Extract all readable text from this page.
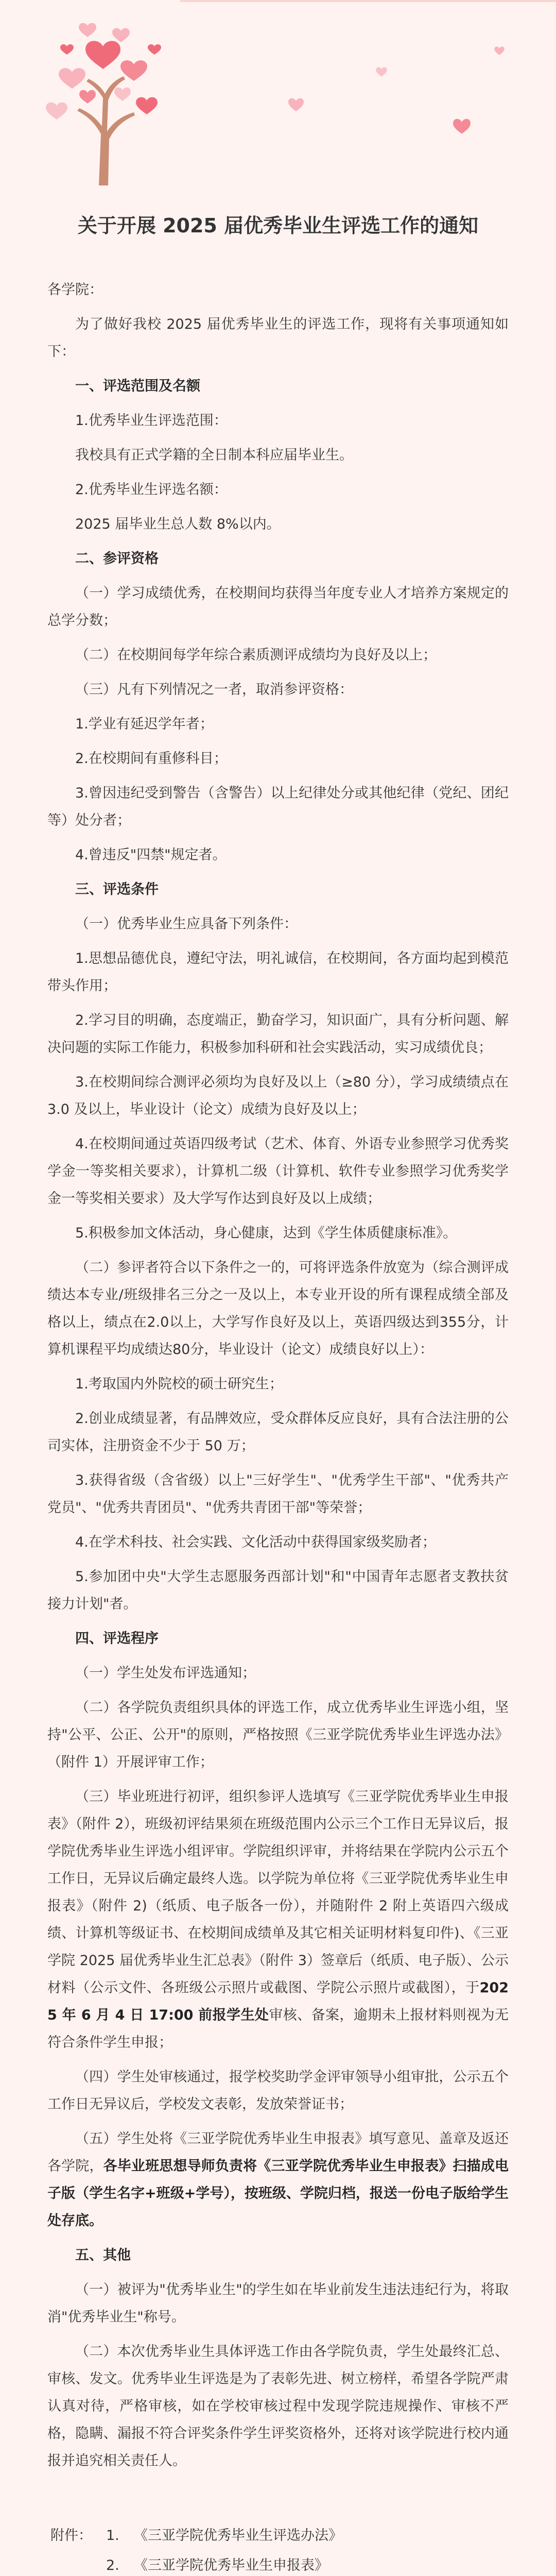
关于开展 2025 届优秀毕业生评选工作的通知

各学院：

为了做好我校 2025 届优秀毕业生的评选工作，现将有关事项通知如下：

一、评选范围及名额

1.优秀毕业生评选范围：

我校具有正式学籍的全日制本科应届毕业生。

2.优秀毕业生评选名额：

2025 届毕业生总人数 8%以内。

二、参评资格

（一）学习成绩优秀，在校期间均获得当年度专业人才培养方案规定的总学分数；

（二）在校期间每学年综合素质测评成绩均为良好及以上；

（三）凡有下列情况之一者，取消参评资格：

1.学业有延迟学年者；

2.在校期间有重修科目；

3.曾因违纪受到警告（含警告）以上纪律处分或其他纪律（党纪、团纪等）处分者；

4.曾违反"四禁"规定者。

三、评选条件

（一）优秀毕业生应具备下列条件：

1.思想品德优良，遵纪守法，明礼诚信，在校期间，各方面均起到模范带头作用；

2.学习目的明确，态度端正，勤奋学习，知识面广，具有分析问题、解决问题的实际工作能力，积极参加科研和社会实践活动，实习成绩优良；

3.在校期间综合测评必须均为良好及以上（≥80 分），学习成绩绩点在 3.0 及以上，毕业设计（论文）成绩为良好及以上；

4.在校期间通过英语四级考试（艺术、体育、外语专业参照学习优秀奖学金一等奖相关要求），计算机二级（计算机、软件专业参照学习优秀奖学金一等奖相关要求）及大学写作达到良好及以上成绩；

5.积极参加文体活动，身心健康，达到《学生体质健康标准》。

（二）参评者符合以下条件之一的，可将评选条件放宽为（综合测评成绩达本专业/班级排名三分之一及以上，本专业开设的所有课程成绩全部及格以上，绩点在2.0以上，大学写作良好及以上，英语四级达到355分，计算机课程平均成绩达80分，毕业设计（论文）成绩良好以上）：

1.考取国内外院校的硕士研究生；

2.创业成绩显著，有品牌效应，受众群体反应良好，具有合法注册的公司实体，注册资金不少于 50 万；

3.获得省级（含省级）以上"三好学生"、"优秀学生干部"、"优秀共产党员"、"优秀共青团员"、"优秀共青团干部"等荣誉；

4.在学术科技、社会实践、文化活动中获得国家级奖励者；

5.参加团中央"大学生志愿服务西部计划"和"中国青年志愿者支教扶贫接力计划"者。

四、评选程序

（一）学生处发布评选通知；

（二）各学院负责组织具体的评选工作，成立优秀毕业生评选小组，坚持"公平、公正、公开"的原则，严格按照《三亚学院优秀毕业生评选办法》（附件 1）开展评审工作；

（三）毕业班进行初评，组织参评人选填写《三亚学院优秀毕业生申报表》（附件 2），班级初评结果须在班级范围内公示三个工作日无异议后，报学院优秀毕业生评选小组评审。学院组织评审，并将结果在学院内公示五个工作日，无异议后确定最终人选。以学院为单位将《三亚学院优秀毕业生申报表》（附件 2)（纸质、电子版各一份），并随附件 2 附上英语四六级成绩、计算机等级证书、在校期间成绩单及其它相关证明材料复印件)、《三亚学院 2025 届优秀毕业生汇总表》（附件 3）签章后（纸质、电子版）、公示材料（公示文件、各班级公示照片或截图、学院公示照片或截图），于2025 年 6 月 4 日 17:00 前报学生处审核、备案，逾期未上报材料则视为无符合条件学生申报；

（四）学生处审核通过，报学校奖助学金评审领导小组审批，公示五个工作日无异议后，学校发文表彰，发放荣誉证书；

（五）学生处将《三亚学院优秀毕业生申报表》填写意见、盖章及返还各学院，各毕业班思想导师负责将《三亚学院优秀毕业生申报表》扫描成电子版（学生名字+班级+学号），按班级、学院归档，报送一份电子版给学生处存底。

五、其他

（一）被评为"优秀毕业生"的学生如在毕业前发生违法违纪行为，将取消"优秀毕业生"称号。

（二）本次优秀毕业生具体评选工作由各学院负责，学生处最终汇总、审核、发文。优秀毕业生评选是为了表彰先进、树立榜样，希望各学院严肃认真对待，严格审核，如在学校审核过程中发现学院违规操作、审核不严格，隐瞒、漏报不符合评奖条件学生评奖资格外，还将对该学院进行校内通报并追究相关责任人。

附件：	1.	《三亚学院优秀毕业生评选办法》
2.	《三亚学院优秀毕业生申报表》
